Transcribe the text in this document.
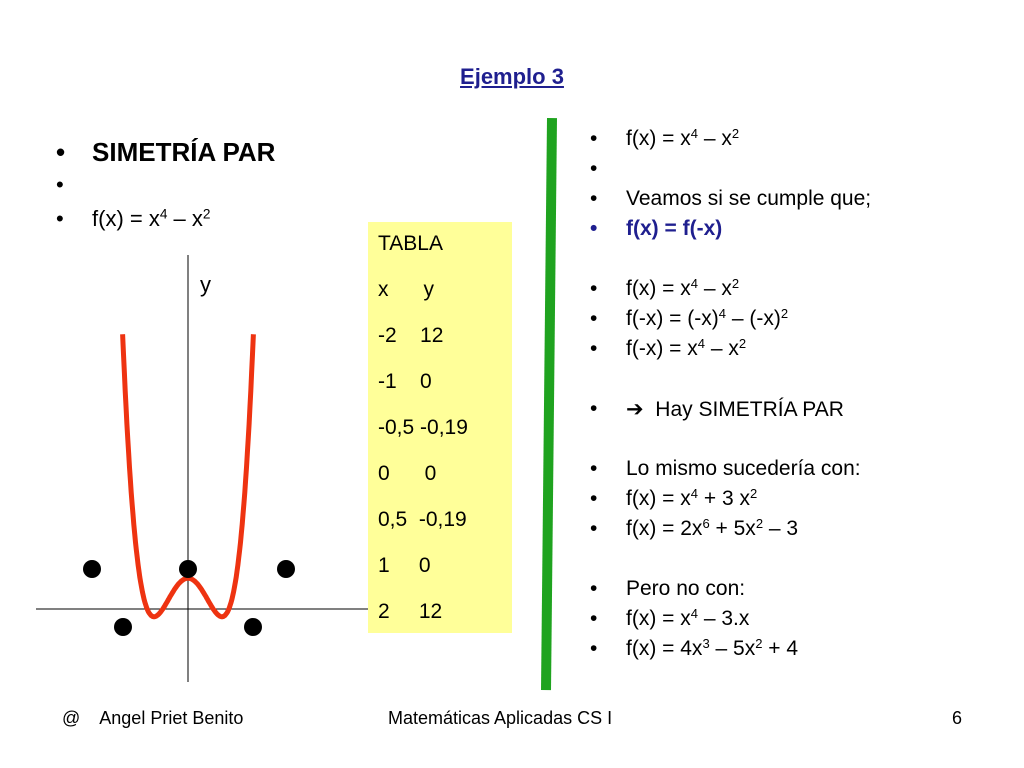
Ejemplo 3
• SIMETRÍA PAR
•
• $f(x) = x^4 - x^2$
y
TABLA
x      y
-2    12
-1    0
-0,5 -0,19
0      0
0,5  -0,19
1     0
2     12
• $f(x) = x^4 - x^2$
•
• Veamos si se cumple que;
• f(x) = f(-x)
• $f(x) = x^4 - x^2$
• $f(-x) = (-x)^4 - (-x)^2$
• $f(-x) = x^4 - x^2$
• ➔ Hay SIMETRÍA PAR
• Lo mismo sucedería con:
• $f(x) = x^4 + 3$ $x^2$
• $f(x) = 2x^6 + 5x^2 - 3$
• Pero no con:
• $f(x) = x^4 - 3.x$
• $f(x) = 4x^3 - 5x^2 + 4$
@    Angel Priet Benito	Matemáticas Aplicadas CS I	6
